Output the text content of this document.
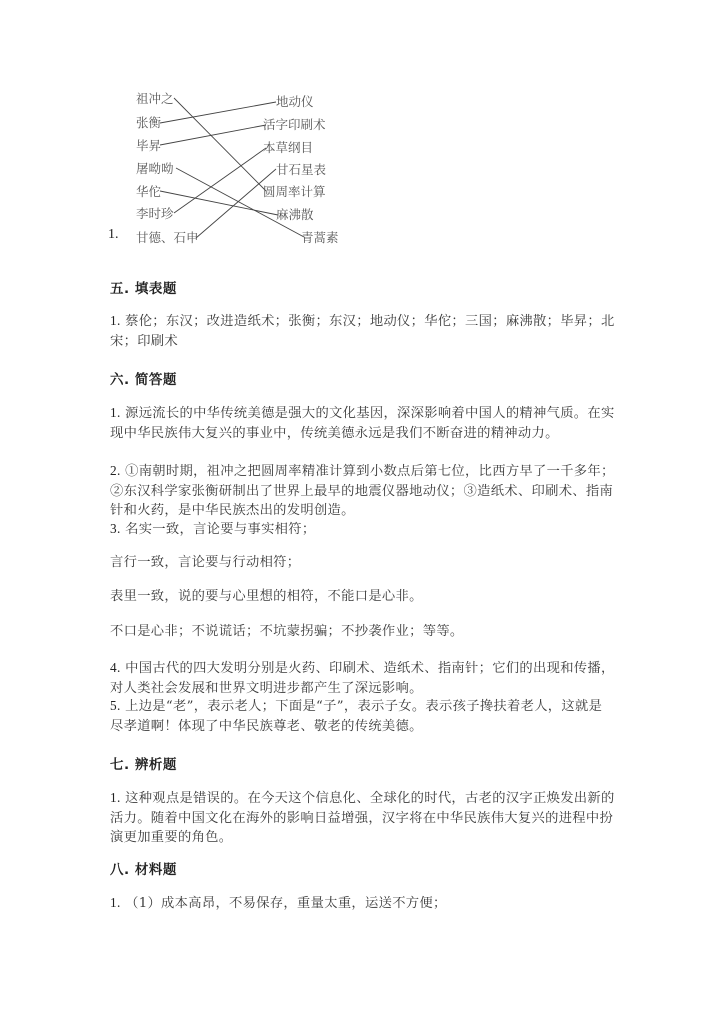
1.
祖冲之
张衡
毕昇
屠呦呦
华佗
李时珍
甘德、石申
地动仪
活字印刷术
本草纲目
甘石星表
圆周率计算
麻沸散
青蒿素
五. 填表题
1. 蔡伦；东汉；改进造纸术；张衡；东汉；地动仪；华佗；三国；麻沸散；毕昇；北宋；印刷术
六. 简答题
1. 源远流长的中华传统美德是强大的文化基因，深深影响着中国人的精神气质。在实现中华民族伟大复兴的事业中，传统美德永远是我们不断奋进的精神动力。
2. ①南朝时期，祖冲之把圆周率精准计算到小数点后第七位，比西方早了一千多年；②东汉科学家张衡研制出了世界上最早的地震仪器地动仪；③造纸术、印刷术、指南针和火药，是中华民族杰出的发明创造。
3. 名实一致，言论要与事实相符；
言行一致，言论要与行动相符；
表里一致，说的要与心里想的相符，不能口是心非。
不口是心非；不说谎话；不坑蒙拐骗；不抄袭作业；等等。
4. 中国古代的四大发明分别是火药、印刷术、造纸术、指南针；它们的出现和传播，对人类社会发展和世界文明进步都产生了深远影响。
5. 上边是“老”，表示老人；下面是“子”，表示子女。表示孩子搀扶着老人，这就是尽孝道啊！体现了中华民族尊老、敬老的传统美德。
七. 辨析题
1. 这种观点是错误的。在今天这个信息化、全球化的时代，古老的汉字正焕发出新的活力。随着中国文化在海外的影响日益增强，汉字将在中华民族伟大复兴的进程中扮演更加重要的角色。
八. 材料题
1. （1）成本高昂，不易保存，重量太重，运送不方便；
